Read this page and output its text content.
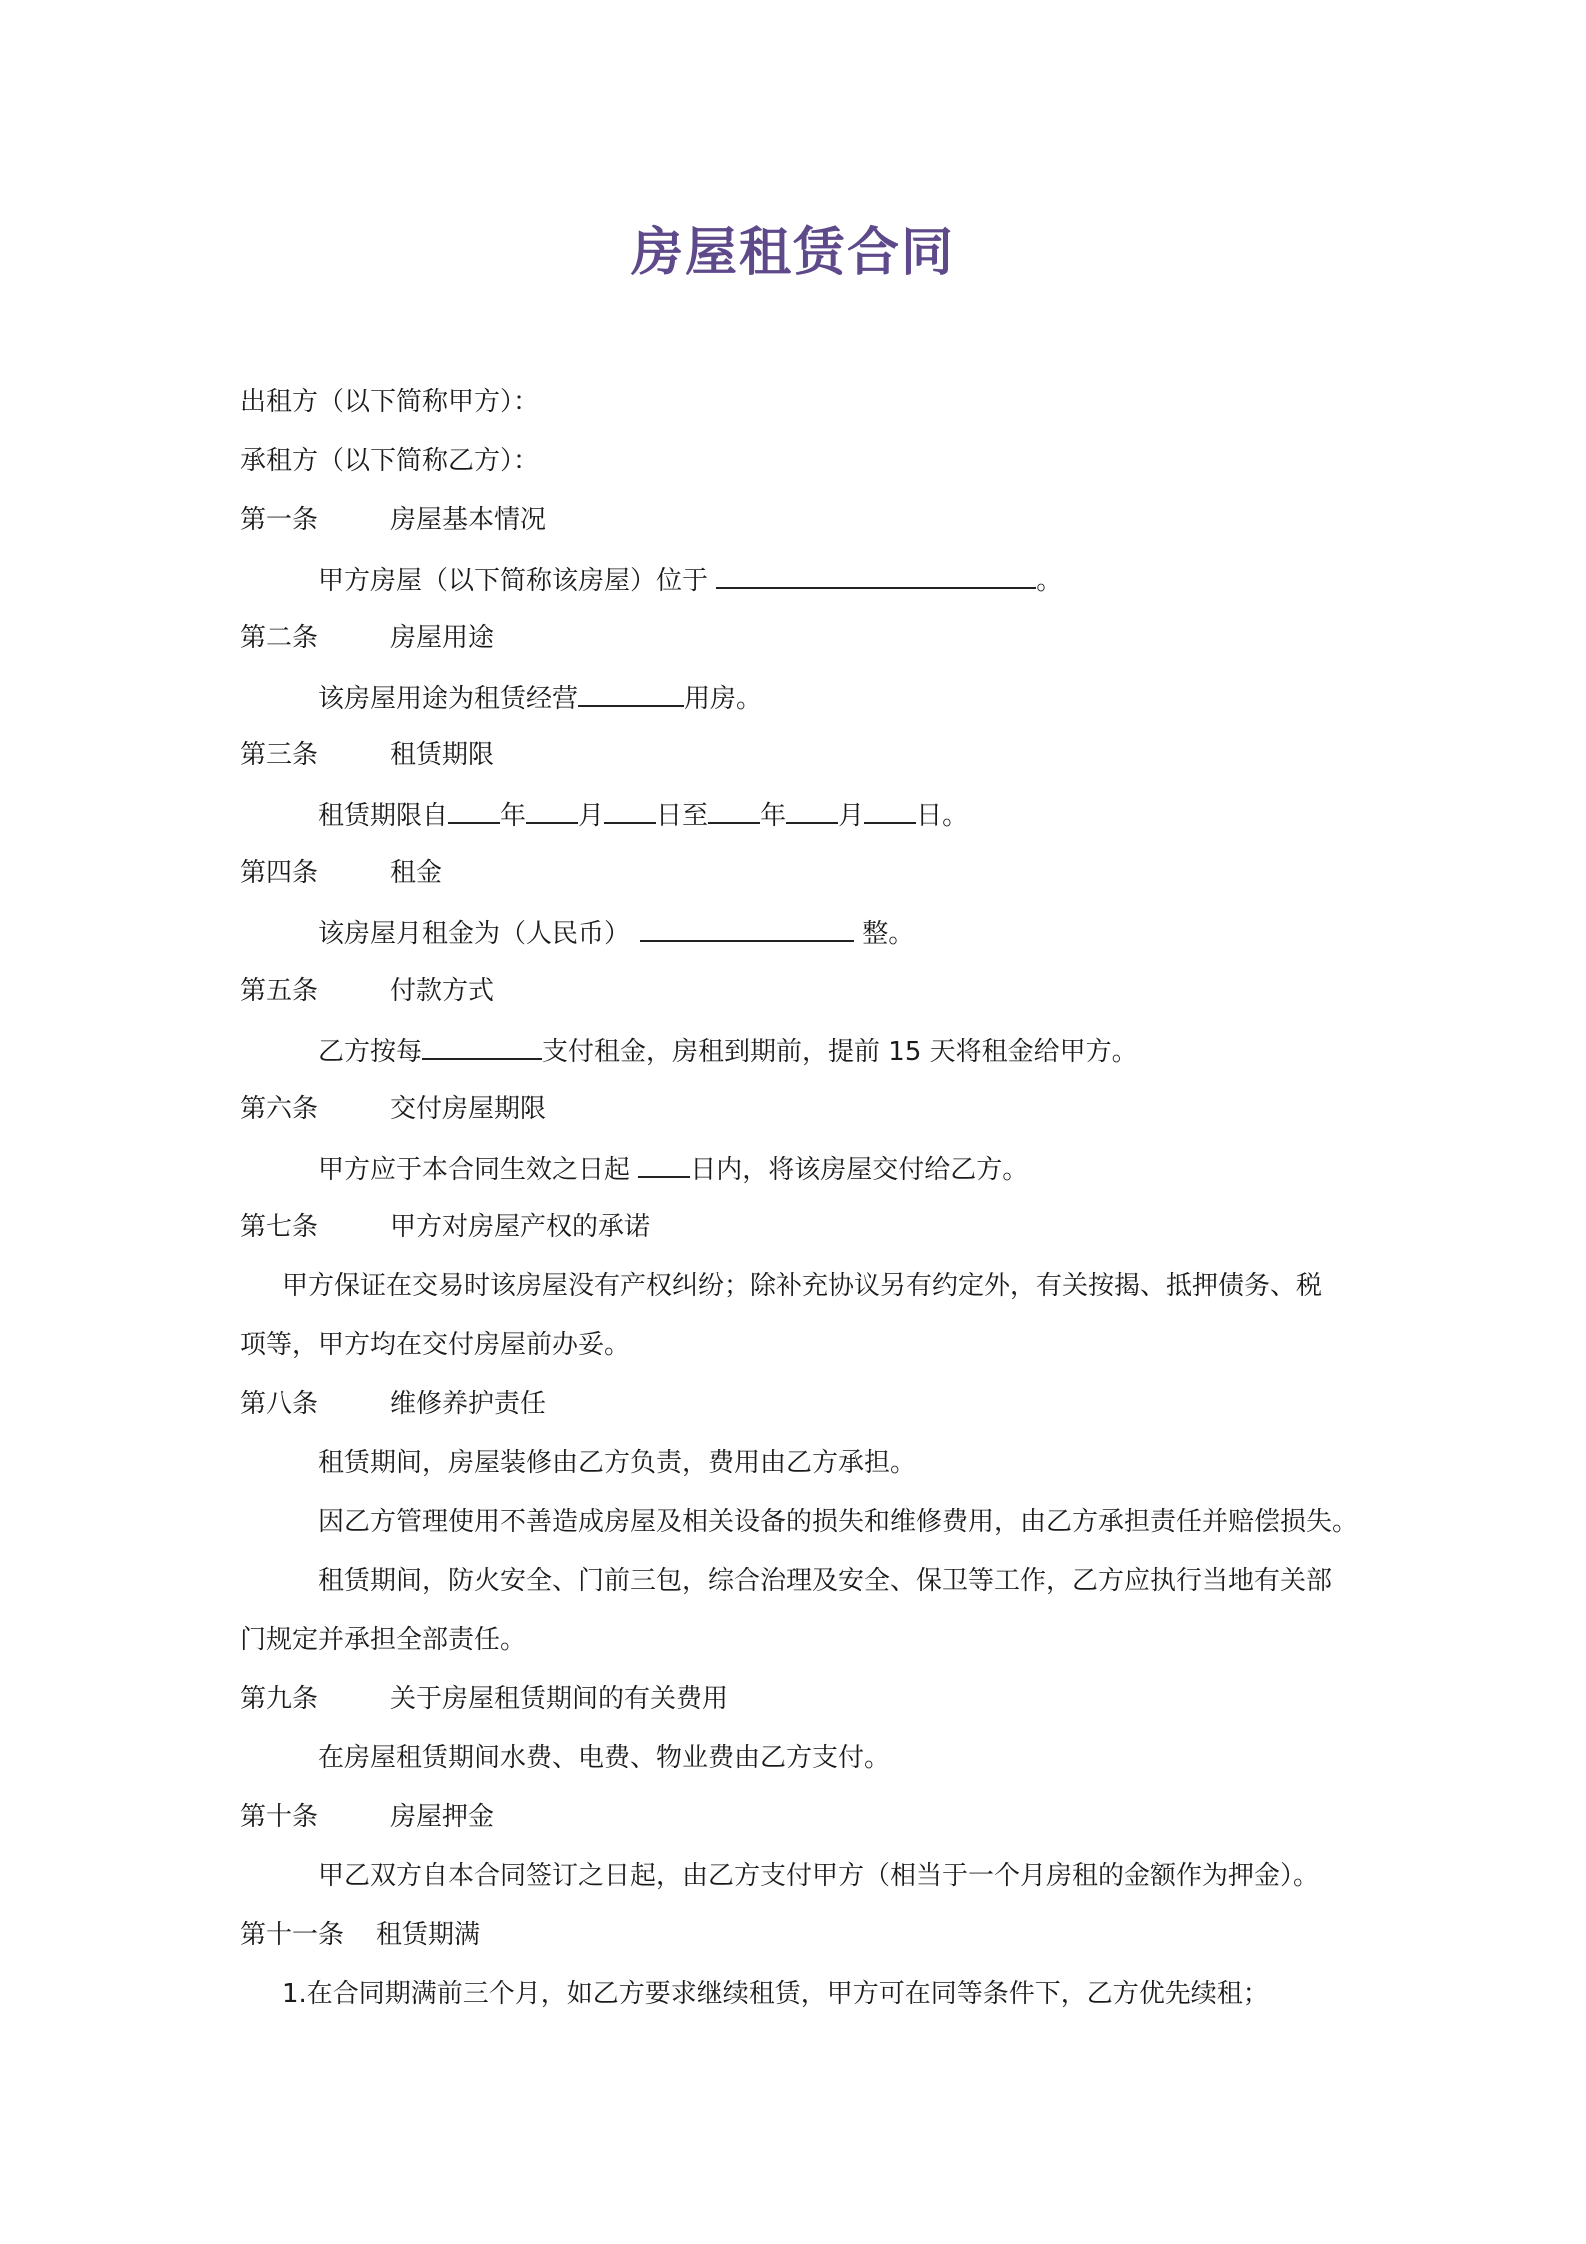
房屋租赁合同
出租方（以下简称甲方）：
承租方（以下简称乙方）：
第一条	房屋基本情况
甲方房屋（以下简称该房屋）位于	。
第二条	房屋用途
该房屋用途为租赁经营	用房。
第三条	租赁期限
租赁期限自 年 月 日至 年 月 日。
第四条	租金
该房屋月租金为（人民币）	整。
第五条	付款方式
乙方按每	支付租金，房租到期前，提前 15 天将租金给甲方。
第六条	交付房屋期限
甲方应于本合同生效之日起 日内，将该房屋交付给乙方。
第七条	甲方对房屋产权的承诺
甲方保证在交易时该房屋没有产权纠纷；除补充协议另有约定外，有关按揭、抵押债务、税
项等，甲方均在交付房屋前办妥。
第八条	维修养护责任
租赁期间，房屋装修由乙方负责，费用由乙方承担。
因乙方管理使用不善造成房屋及相关设备的损失和维修费用，由乙方承担责任并赔偿损失。
租赁期间，防火安全、门前三包，综合治理及安全、保卫等工作，乙方应执行当地有关部
门规定并承担全部责任。
第九条	关于房屋租赁期间的有关费用
在房屋租赁期间水费、电费、物业费由乙方支付。
第十条	房屋押金
甲乙双方自本合同签订之日起，由乙方支付甲方（相当于一个月房租的金额作为押金）。
第十一条 租赁期满
1.在合同期满前三个月，如乙方要求继续租赁，甲方可在同等条件下，乙方优先续租；
